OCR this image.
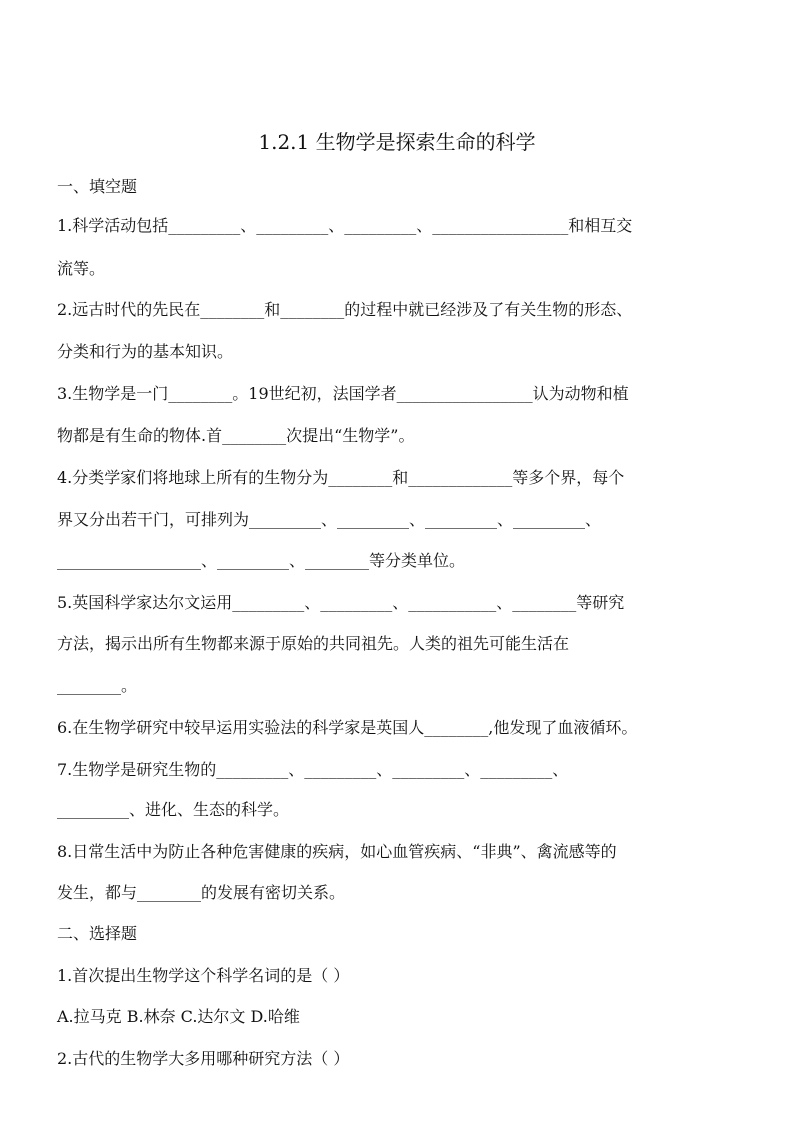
1.2.1 生物学是探索生命的科学
一、填空题
1.科学活动包括_________、_________、_________、_________________和相互交
流等。
2.远古时代的先民在________和________的过程中就已经涉及了有关生物的形态、
分类和行为的基本知识。
3.生物学是一门________。19世纪初，法国学者_________________认为动物和植
物都是有生命的物体.首________次提出“生物学”。
4.分类学家们将地球上所有的生物分为________和_____________等多个界，每个
界又分出若干门，可排列为_________、_________、_________、_________、
__________________、_________、________等分类单位。
5.英国科学家达尔文运用_________、_________、___________、________等研究
方法，揭示出所有生物都来源于原始的共同祖先。人类的祖先可能生活在
________。
6.在生物学研究中较早运用实验法的科学家是英国人________,他发现了血液循环。
7.生物学是研究生物的_________、_________、_________、_________、
_________、进化、生态的科学。
8.日常生活中为防止各种危害健康的疾病，如心血管疾病、“非典”、禽流感等的
发生，都与________的发展有密切关系。
二、选择题
1.首次提出生物学这个科学名词的是（ ）
A.拉马克 B.林奈 C.达尔文 D.哈维
2.古代的生物学大多用哪种研究方法（ ）
